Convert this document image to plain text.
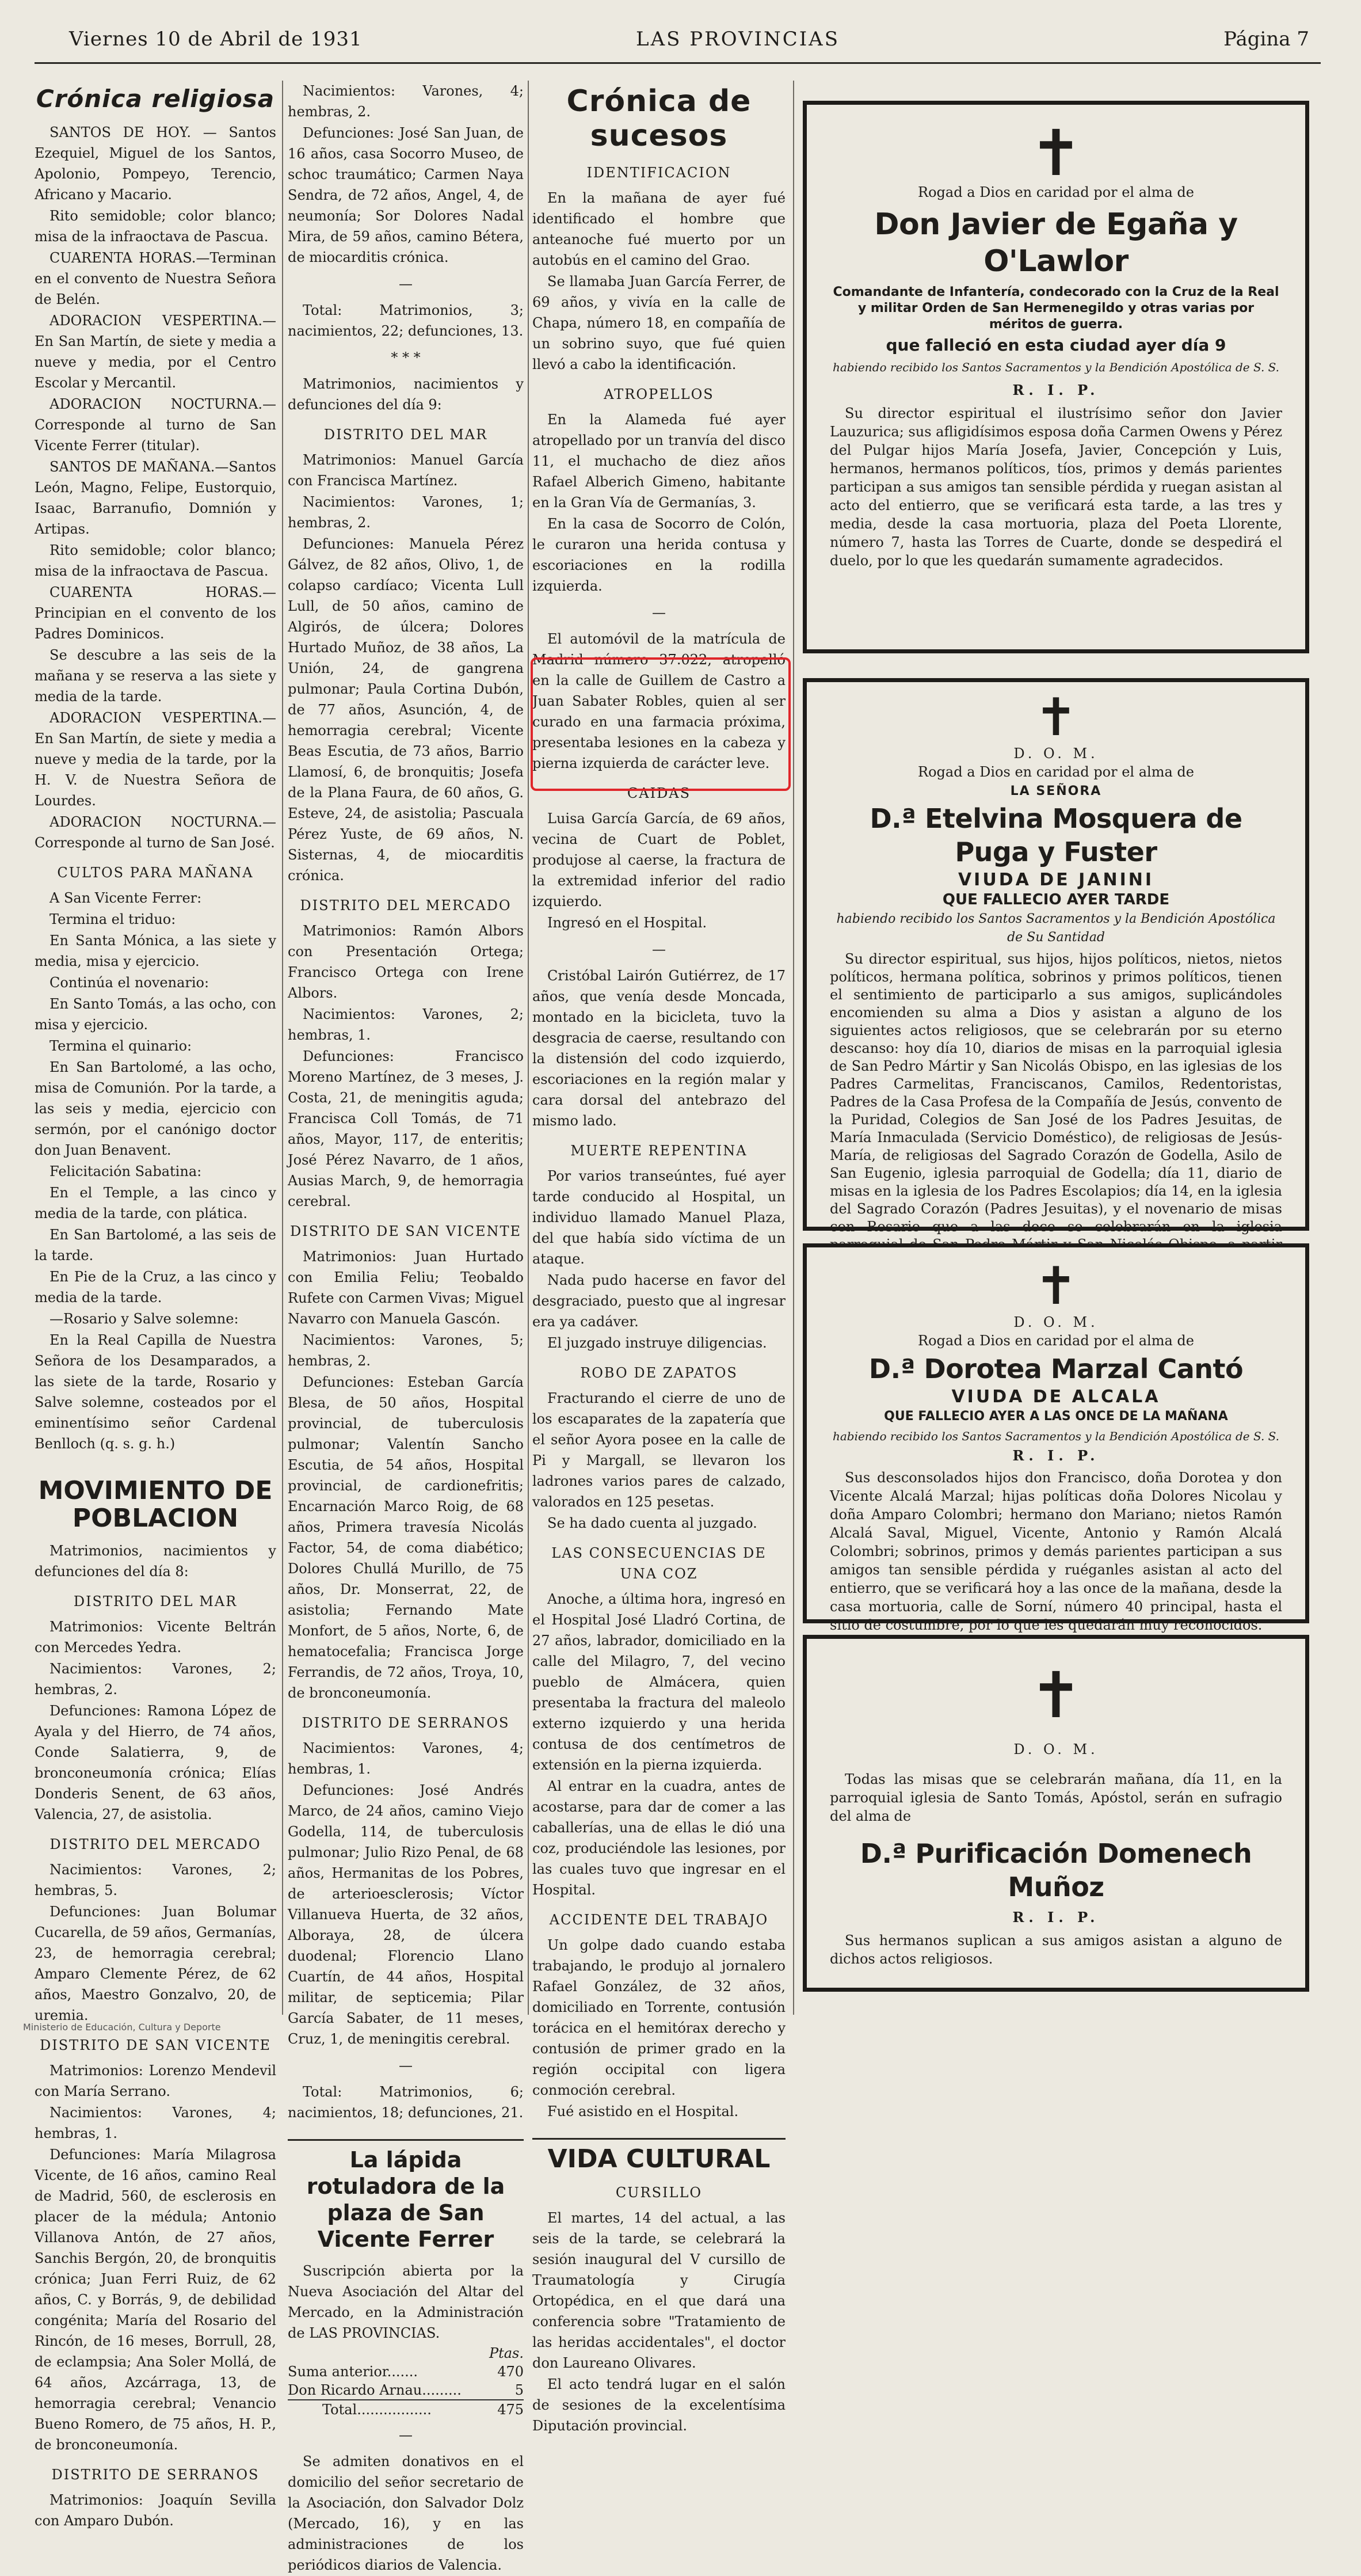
Viernes 10 de Abril de 1931	LAS PROVINCIAS	Página 7
Crónica religiosa

SANTOS DE HOY. — Santos Ezequiel, Miguel de los Santos, Apolonio, Pompeyo, Terencio, Africano y Macario.

Rito semidoble; color blanco; misa de la infraoctava de Pascua.

CUARENTA HORAS.—Terminan en el convento de Nuestra Señora de Belén.

ADORACION VESPERTINA.—En San Martín, de siete y media a nueve y media, por el Centro Escolar y Mercantil.

ADORACION NOCTURNA.—Corresponde al turno de San Vicente Ferrer (titular).

SANTOS DE MAÑANA.—Santos León, Magno, Felipe, Eustorquio, Isaac, Barranufio, Domnión y Artipas.

Rito semidoble; color blanco; misa de la infraoctava de Pascua.

CUARENTA HORAS.—Principian en el convento de los Padres Dominicos.

Se descubre a las seis de la mañana y se reserva a las siete y media de la tarde.

ADORACION VESPERTINA.—En San Martín, de siete y media a nueve y media de la tarde, por la H. V. de Nuestra Señora de Lourdes.

ADORACION NOCTURNA.—Corresponde al turno de San José.

CULTOS PARA MAÑANA

A San Vicente Ferrer:

Termina el triduo:

En Santa Mónica, a las siete y media, misa y ejercicio.

Continúa el novenario:

En Santo Tomás, a las ocho, con misa y ejercicio.

Termina el quinario:

En San Bartolomé, a las ocho, misa de Comunión. Por la tarde, a las seis y media, ejercicio con sermón, por el canónigo doctor don Juan Benavent.

Felicitación Sabatina:

En el Temple, a las cinco y media de la tarde, con plática.

En San Bartolomé, a las seis de la tarde.

En Pie de la Cruz, a las cinco y media de la tarde.

—Rosario y Salve solemne:

En la Real Capilla de Nuestra Señora de los Desamparados, a las siete de la tarde, Rosario y Salve solemne, costeados por el eminentísimo señor Cardenal Benlloch (q. s. g. h.)

MOVIMIENTO DE
POBLACION

Matrimonios, nacimientos y defunciones del día 8:

DISTRITO DEL MAR

Matrimonios: Vicente Beltrán con Mercedes Yedra.

Nacimientos: Varones, 2; hembras, 2.

Defunciones: Ramona López de Ayala y del Hierro, de 74 años, Conde Salatierra, 9, de bronconeumonía crónica; Elías Donderis Senent, de 63 años, Valencia, 27, de asistolia.

DISTRITO DEL MERCADO

Nacimientos: Varones, 2; hembras, 5.

Defunciones: Juan Bolumar Cucarella, de 59 años, Germanías, 23, de hemorragia cerebral; Amparo Clemente Pérez, de 62 años, Maestro Gonzalvo, 20, de uremia.

DISTRITO DE SAN VICENTE

Matrimonios: Lorenzo Mendevil con María Serrano.

Nacimientos: Varones, 4; hembras, 1.

Defunciones: María Milagrosa Vicente, de 16 años, camino Real de Madrid, 560, de esclerosis en placer de la médula; Antonio Villanova Antón, de 27 años, Sanchis Bergón, 20, de bronquitis crónica; Juan Ferri Ruiz, de 62 años, C. y Borrás, 9, de debilidad congénita; María del Rosario del Rincón, de 16 meses, Borrull, 28, de eclampsia; Ana Soler Mollá, de 64 años, Azcárraga, 13, de hemorragia cerebral; Venancio Bueno Romero, de 75 años, H. P., de bronconeumonía.

DISTRITO DE SERRANOS

Matrimonios: Joaquín Sevilla con Amparo Dubón.

Nacimientos: Varones, 4; hembras, 2.

Defunciones: José San Juan, de 16 años, casa Socorro Museo, de schoc traumático; Carmen Naya Sendra, de 72 años, Angel, 4, de neumonía; Sor Dolores Nadal Mira, de 59 años, camino Bétera, de miocarditis crónica.

—

Total: Matrimonios, 3; nacimientos, 22; defunciones, 13.

* * *

Matrimonios, nacimientos y defunciones del día 9:

DISTRITO DEL MAR

Matrimonios: Manuel García con Francisca Martínez.

Nacimientos: Varones, 1; hembras, 2.

Defunciones: Manuela Pérez Gálvez, de 82 años, Olivo, 1, de colapso cardíaco; Vicenta Lull Lull, de 50 años, camino de Algirós, de úlcera; Dolores Hurtado Muñoz, de 38 años, La Unión, 24, de gangrena pulmonar; Paula Cortina Dubón, de 77 años, Asunción, 4, de hemorragia cerebral; Vicente Beas Escutia, de 73 años, Barrio Llamosí, 6, de bronquitis; Josefa de la Plana Faura, de 60 años, G. Esteve, 24, de asistolia; Pascuala Pérez Yuste, de 69 años, N. Sisternas, 4, de miocarditis crónica.

DISTRITO DEL MERCADO

Matrimonios: Ramón Albors con Presentación Ortega; Francisco Ortega con Irene Albors.

Nacimientos: Varones, 2; hembras, 1.

Defunciones: Francisco Moreno Martínez, de 3 meses, J. Costa, 21, de meningitis aguda; Francisca Coll Tomás, de 71 años, Mayor, 117, de enteritis; José Pérez Navarro, de 1 años, Ausias March, 9, de hemorragia cerebral.

DISTRITO DE SAN VICENTE

Matrimonios: Juan Hurtado con Emilia Feliu; Teobaldo Rufete con Carmen Vivas; Miguel Navarro con Manuela Gascón.

Nacimientos: Varones, 5; hembras, 2.

Defunciones: Esteban García Blesa, de 50 años, Hospital provincial, de tuberculosis pulmonar; Valentín Sancho Escutia, de 54 años, Hospital provincial, de cardionefritis; Encarnación Marco Roig, de 68 años, Primera travesía Nicolás Factor, 54, de coma diabético; Dolores Chullá Murillo, de 75 años, Dr. Monserrat, 22, de asistolia; Fernando Mate Monfort, de 5 años, Norte, 6, de hematocefalia; Francisca Jorge Ferrandis, de 72 años, Troya, 10, de bronconeumonía.

DISTRITO DE SERRANOS

Nacimientos: Varones, 4; hembras, 1.

Defunciones: José Andrés Marco, de 24 años, camino Viejo Godella, 114, de tuberculosis pulmonar; Julio Rizo Penal, de 68 años, Hermanitas de los Pobres, de arterioesclerosis; Víctor Villanueva Huerta, de 32 años, Alboraya, 28, de úlcera duodenal; Florencio Llano Cuartín, de 44 años, Hospital militar, de septicemia; Pilar García Sabater, de 11 meses, Cruz, 1, de meningitis cerebral.

—

Total: Matrimonios, 6; nacimientos, 18; defunciones, 21.

La lápida rotuladora de la plaza de San Vicente Ferrer

Suscripción abierta por la Nueva Asociación del Altar del Mercado, en la Administración de LAS PROVINCIAS.

	Ptas.
Suma anterior.......	470
Don Ricardo Arnau.........	5
Total.................	475

—

Se admiten donativos en el domicilio del señor secretario de la Asociación, don Salvador Dolz (Mercado, 16), y en las administraciones de los periódicos diarios de Valencia.

Crónica de sucesos

IDENTIFICACION

En la mañana de ayer fué identificado el hombre que anteanoche fué muerto por un autobús en el camino del Grao.

Se llamaba Juan García Ferrer, de 69 años, y vivía en la calle de Chapa, número 18, en compañía de un sobrino suyo, que fué quien llevó a cabo la identificación.

ATROPELLOS

En la Alameda fué ayer atropellado por un tranvía del disco 11, el muchacho de diez años Rafael Alberich Gimeno, habitante en la Gran Vía de Germanías, 3.

En la casa de Socorro de Colón, le curaron una herida contusa y escoriaciones en la rodilla izquierda.

—

El automóvil de la matrícula de Madrid número 37.022, atropelló en la calle de Guillem de Castro a Juan Sabater Robles, quien al ser curado en una farmacia próxima, presentaba lesiones en la cabeza y pierna izquierda de carácter leve.

CAIDAS

Luisa García García, de 69 años, vecina de Cuart de Poblet, produjose al caerse, la fractura de la extremidad inferior del radio izquierdo.

Ingresó en el Hospital.

—

Cristóbal Lairón Gutiérrez, de 17 años, que venía desde Moncada, montado en la bicicleta, tuvo la desgracia de caerse, resultando con la distensión del codo izquierdo, escoriaciones en la región malar y cara dorsal del antebrazo del mismo lado.

MUERTE REPENTINA

Por varios transeúntes, fué ayer tarde conducido al Hospital, un individuo llamado Manuel Plaza, del que había sido víctima de un ataque.

Nada pudo hacerse en favor del desgraciado, puesto que al ingresar era ya cadáver.

El juzgado instruye diligencias.

ROBO DE ZAPATOS

Fracturando el cierre de uno de los escaparates de la zapatería que el señor Ayora posee en la calle de Pi y Margall, se llevaron los ladrones varios pares de calzado, valorados en 125 pesetas.

Se ha dado cuenta al juzgado.

LAS CONSECUENCIAS DE UNA COZ

Anoche, a última hora, ingresó en el Hospital José Lladró Cortina, de 27 años, labrador, domiciliado en la calle del Milagro, 7, del vecino pueblo de Almácera, quien presentaba la fractura del maleolo externo izquierdo y una herida contusa de dos centímetros de extensión en la pierna izquierda.

Al entrar en la cuadra, antes de acostarse, para dar de comer a las caballerías, una de ellas le dió una coz, produciéndole las lesiones, por las cuales tuvo que ingresar en el Hospital.

ACCIDENTE DEL TRABAJO

Un golpe dado cuando estaba trabajando, le produjo al jornalero Rafael González, de 32 años, domiciliado en Torrente, contusión torácica en el hemitórax derecho y contusión de primer grado en la región occipital con ligera conmoción cerebral.

Fué asistido en el Hospital.

VIDA CULTURAL

CURSILLO

El martes, 14 del actual, a las seis de la tarde, se celebrará la sesión inaugural del V cursillo de Traumatología y Cirugía Ortopédica, en el que dará una conferencia sobre "Tratamiento de las heridas accidentales", el doctor don Laureano Olivares.

El acto tendrá lugar en el salón de sesiones de la excelentísima Diputación provincial.

✝

Rogad a Dios en caridad por el alma de

Don Javier de Egaña y O'Lawlor

Comandante de Infantería, condecorado con la Cruz de la Real y militar Orden de San Hermenegildo y otras varias por méritos de guerra.

que falleció en esta ciudad ayer día 9

habiendo recibido los Santos Sacramentos y la Bendición Apostólica de S. S.

R. I. P.

Su director espiritual el ilustrísimo señor don Javier Lauzurica; sus afligidísimos esposa doña Carmen Owens y Pérez del Pulgar hijos María Josefa, Javier, Concepción y Luis, hermanos, hermanos políticos, tíos, primos y demás parientes participan a sus amigos tan sensible pérdida y ruegan asistan al acto del entierro, que se verificará esta tarde, a las tres y media, desde la casa mortuoria, plaza del Poeta Llorente, número 7, hasta las Torres de Cuarte, donde se despedirá el duelo, por lo que les quedarán sumamente agradecidos.

✝

D. O. M.

Rogad a Dios en caridad por el alma de

LA SEÑORA

D.ª Etelvina Mosquera de Puga y Fuster

VIUDA DE JANINI

QUE FALLECIO AYER TARDE

habiendo recibido los Santos Sacramentos y la Bendición Apostólica de Su Santidad

Su director espiritual, sus hijos, hijos políticos, nietos, nietos políticos, hermana política, sobrinos y primos políticos, tienen el sentimiento de participarlo a sus amigos, suplicándoles encomienden su alma a Dios y asistan a alguno de los siguientes actos religiosos, que se celebrarán por su eterno descanso: hoy día 10, diarios de misas en la parroquial iglesia de San Pedro Mártir y San Nicolás Obispo, en las iglesias de los Padres Carmelitas, Franciscanos, Camilos, Redentoristas, Padres de la Casa Profesa de la Compañía de Jesús, convento de la Puridad, Colegios de San José de los Padres Jesuitas, de María Inmaculada (Servicio Doméstico), de religiosas de Jesús-María, de religiosas del Sagrado Corazón de Godella, Asilo de San Eugenio, iglesia parroquial de Godella; día 11, diario de misas en la iglesia de los Padres Escolapios; día 14, en la iglesia del Sagrado Corazón (Padres Jesuitas), y el novenario de misas con Rosario que a las doce se celebrarán en la iglesia

✝

D. O. M.

Rogad a Dios en caridad por el alma de

D.ª Dorotea Marzal Cantó

VIUDA DE ALCALA

QUE FALLECIO AYER A LAS ONCE DE LA MAÑANA

habiendo recibido los Santos Sacramentos y la Bendición Apostólica de S. S.

R. I. P.

Sus desconsolados hijos don Francisco, doña Dorotea y don Vicente Alcalá Marzal; hijas políticas doña Dolores Nicolau y doña Amparo Colombri; hermano don Mariano; nietos Ramón Alcalá Saval, Miguel, Vicente, Antonio y Ramón Alcalá Colombri; sobrinos, primos y demás parientes participan a sus amigos tan sensible pérdida y ruéganles asistan al acto del entierro, que se verificará hoy a las once de la mañana, desde la casa mortuoria, calle de Sorní, número 40 principal, hasta el sitio de costumbre, por lo que les quedarán muy reconocidos.

✝

D. O. M.

Todas las misas que se celebrarán mañana, día 11, en la parroquial iglesia de Santo Tomás, Apóstol, serán en sufragio del alma de

D.ª Purificación Domenech Muñoz

R. I. P.

Sus hermanos suplican a sus amigos asistan a alguno de dichos actos religiosos.

Ministerio de Educación, Cultura y Deporte
